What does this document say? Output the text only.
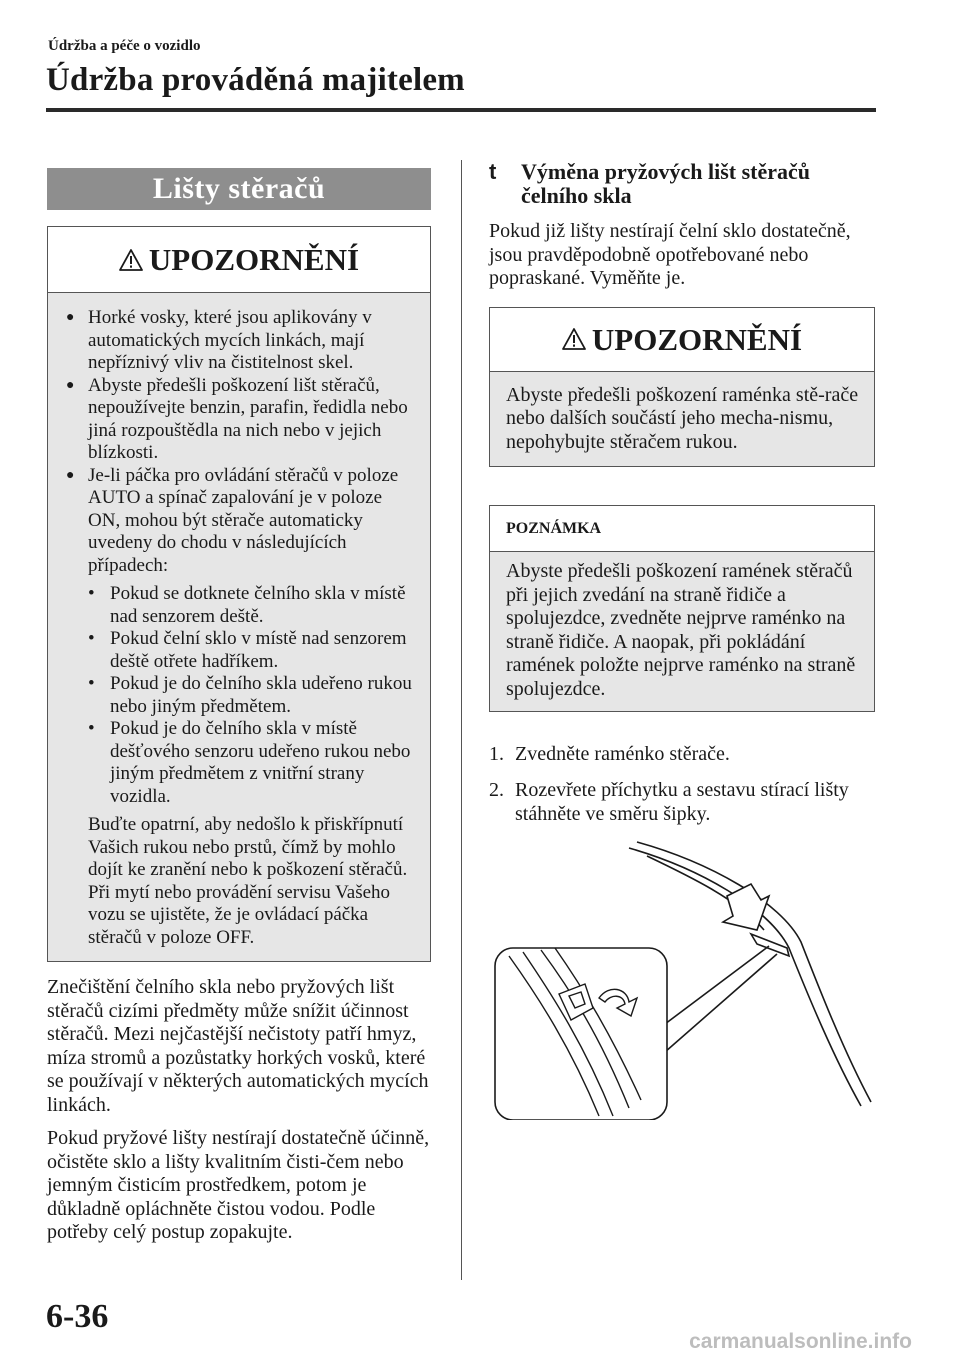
Údržba a péče o vozidlo
Údržba prováděná majitelem
Lišty stěračů
UPOZORNĚNÍ
● Horké vosky, které jsou aplikovány v automatických mycích linkách, mají nepříznivý vliv na čistitelnost skel.
● Abyste předešli poškození lišt stěračů, nepoužívejte benzin, parafin, ředidla nebo jiná rozpouštědla na nich nebo v jejich blízkosti.
● Je-li páčka pro ovládání stěračů v poloze AUTO a spínač zapalování je v poloze ON, mohou být stěrače automaticky uvedeny do chodu v následujících případech:
• Pokud se dotknete čelního skla v místě nad senzorem deště.
• Pokud čelní sklo v místě nad senzorem deště otřete hadříkem.
• Pokud je do čelního skla udeřeno rukou nebo jiným předmětem.
• Pokud je do čelního skla v místě dešťového senzoru udeřeno rukou nebo jiným předmětem z vnitřní strany vozidla.
Buďte opatrní, aby nedošlo k přiskřípnutí Vašich rukou nebo prstů, čímž by mohlo dojít ke zranění nebo k poškození stěračů. Při mytí nebo provádění servisu Vašeho vozu se ujistěte, že je ovládací páčka stěračů v poloze OFF.
Znečištění čelního skla nebo pryžových lišt stěračů cizími předměty může snížit účinnost stěračů. Mezi nejčastější nečistoty patří hmyz, míza stromů a pozůstatky horkých vosků, které se používají v některých automatických mycích linkách.
Pokud pryžové lišty nestírají dostatečně účinně, očistěte sklo a lišty kvalitním čisti-čem nebo jemným čisticím prostředkem, potom je důkladně opláchněte čistou vodou. Podle potřeby celý postup zopakujte.
t Výměna pryžových lišt stěračů čelního skla
Pokud již lišty nestírají čelní sklo dostatečně, jsou pravděpodobně opotřebované nebo popraskané. Vyměňte je.
UPOZORNĚNÍ
Abyste předešli poškození raménka stě-rače nebo dalších součástí jeho mecha-nismu, nepohybujte stěračem rukou.
POZNÁMKA
Abyste předešli poškození ramének stěračů při jejich zvedání na straně řidiče a spolujezdce, zvedněte nejprve raménko na straně řidiče. A naopak, při pokládání ramének položte nejprve raménko na straně spolujezdce.
1. Zvedněte raménko stěrače.
2. Rozevřete příchytku a sestavu stírací lišty stáhněte ve směru šipky.
6-36
carmanualsonline.info
